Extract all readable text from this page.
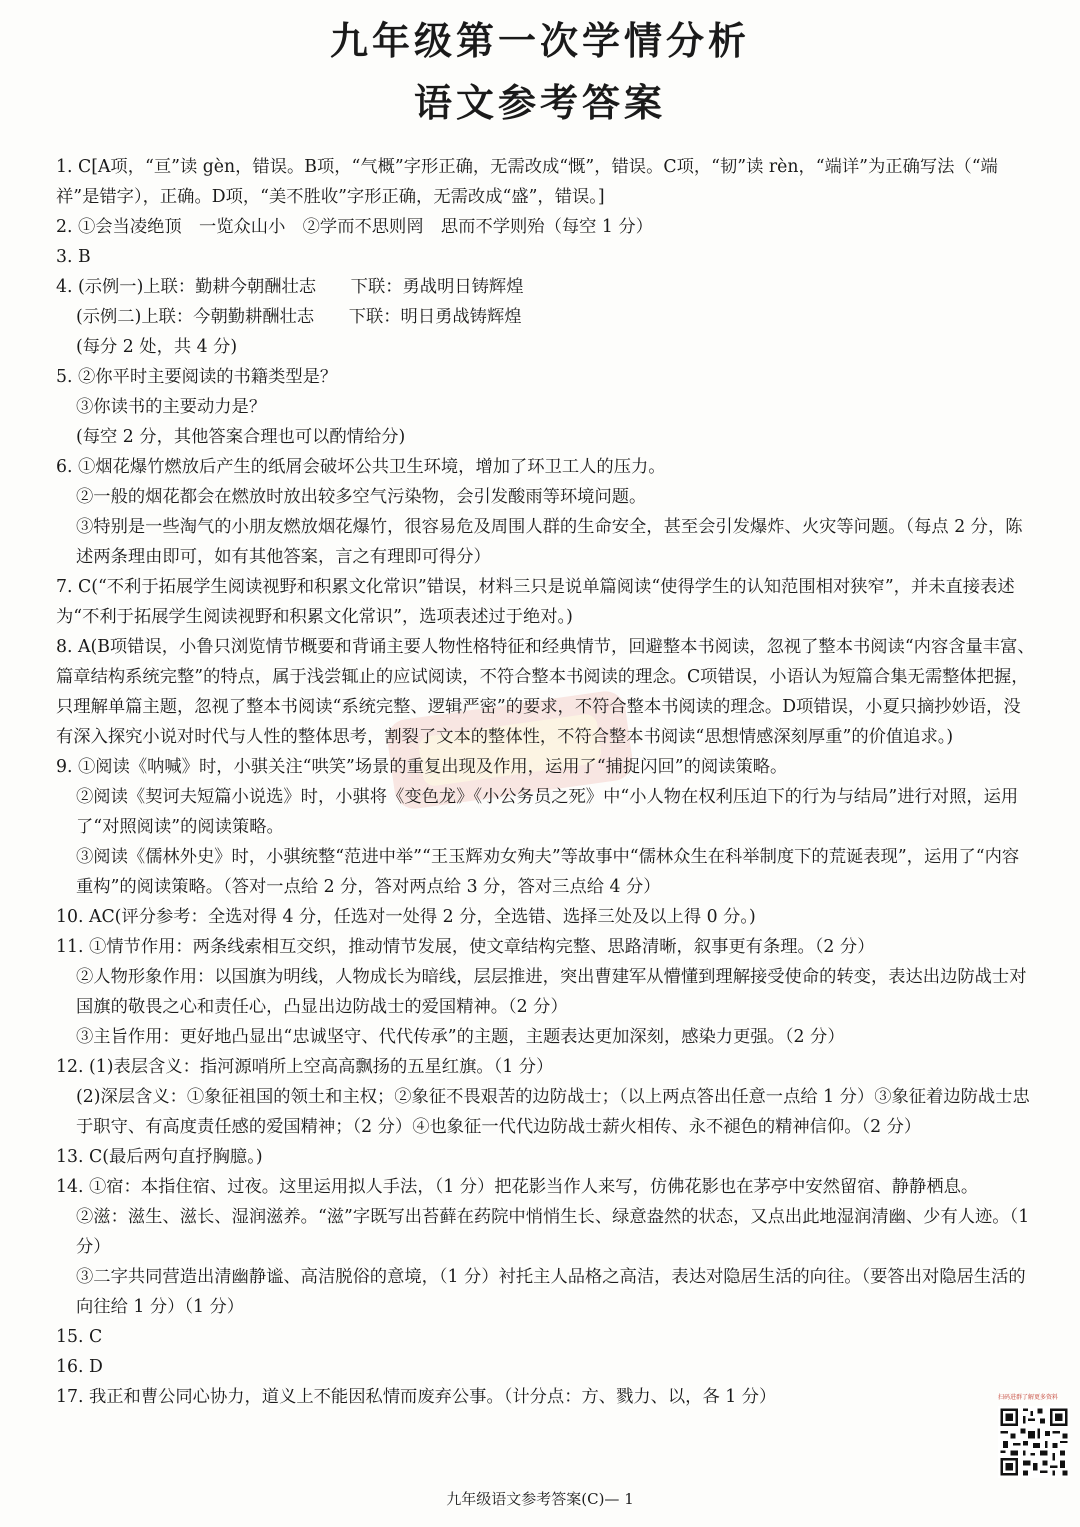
九年级第一次学情分析
语文参考答案

1. C[A项，“亘”读 gèn，错误。B项，“气概”字形正确，无需改成“慨”，错误。C项，“韧”读 rèn，“端详”为正确写法（“端祥”是错字），正确。D项，“美不胜收”字形正确，无需改成“盛”，错误。]

2. ①会当凌绝顶　一览众山小　②学而不思则罔　思而不学则殆（每空 1 分）

3. B

4. (示例一)上联：勤耕今朝酬壮志　　下联：勇战明日铸辉煌

(示例二)上联：今朝勤耕酬壮志　　下联：明日勇战铸辉煌

(每分 2 处，共 4 分)

5. ②你平时主要阅读的书籍类型是？

③你读书的主要动力是？

(每空 2 分，其他答案合理也可以酌情给分)

6. ①烟花爆竹燃放后产生的纸屑会破坏公共卫生环境，增加了环卫工人的压力。

②一般的烟花都会在燃放时放出较多空气污染物，会引发酸雨等环境问题。

③特别是一些淘气的小朋友燃放烟花爆竹，很容易危及周围人群的生命安全，甚至会引发爆炸、火灾等问题。（每点 2 分，陈述两条理由即可，如有其他答案，言之有理即可得分）

7. C(“不利于拓展学生阅读视野和积累文化常识”错误，材料三只是说单篇阅读“使得学生的认知范围相对狭窄”，并未直接表述为“不利于拓展学生阅读视野和积累文化常识”，选项表述过于绝对。)

8. A(B项错误，小鲁只浏览情节概要和背诵主要人物性格特征和经典情节，回避整本书阅读，忽视了整本书阅读“内容含量丰富、篇章结构系统完整”的特点，属于浅尝辄止的应试阅读，不符合整本书阅读的理念。C项错误，小语认为短篇合集无需整体把握，只理解单篇主题，忽视了整本书阅读“系统完整、逻辑严密”的要求，不符合整本书阅读的理念。D项错误，小夏只摘抄妙语，没有深入探究小说对时代与人性的整体思考，割裂了文本的整体性，不符合整本书阅读“思想情感深刻厚重”的价值追求。)

9. ①阅读《呐喊》时，小骐关注“哄笑”场景的重复出现及作用，运用了“捕捉闪回”的阅读策略。

②阅读《契诃夫短篇小说选》时，小骐将《变色龙》《小公务员之死》中“小人物在权利压迫下的行为与结局”进行对照，运用了“对照阅读”的阅读策略。

③阅读《儒林外史》时，小骐统整“范进中举”“王玉辉劝女殉夫”等故事中“儒林众生在科举制度下的荒诞表现”，运用了“内容重构”的阅读策略。（答对一点给 2 分，答对两点给 3 分，答对三点给 4 分）

10. AC(评分参考：全选对得 4 分，任选对一处得 2 分，全选错、选择三处及以上得 0 分。)

11. ①情节作用：两条线索相互交织，推动情节发展，使文章结构完整、思路清晰，叙事更有条理。（2 分）

②人物形象作用：以国旗为明线，人物成长为暗线，层层推进，突出曹建军从懵懂到理解接受使命的转变，表达出边防战士对国旗的敬畏之心和责任心，凸显出边防战士的爱国精神。（2 分）

③主旨作用：更好地凸显出“忠诚坚守、代代传承”的主题，主题表达更加深刻，感染力更强。（2 分）

12. (1)表层含义：指河源哨所上空高高飘扬的五星红旗。（1 分）

(2)深层含义：①象征祖国的领土和主权；②象征不畏艰苦的边防战士；（以上两点答出任意一点给 1 分）③象征着边防战士忠于职守、有高度责任感的爱国精神；（2 分）④也象征一代代边防战士薪火相传、永不褪色的精神信仰。（2 分）

13. C(最后两句直抒胸臆。)

14. ①宿：本指住宿、过夜。这里运用拟人手法，（1 分）把花影当作人来写，仿佛花影也在茅亭中安然留宿、静静栖息。

②滋：滋生、滋长、湿润滋养。“滋”字既写出苔藓在药院中悄悄生长、绿意盎然的状态，又点出此地湿润清幽、少有人迹。（1 分）

③二字共同营造出清幽静谧、高洁脱俗的意境，（1 分）衬托主人品格之高洁，表达对隐居生活的向往。（要答出对隐居生活的向往给 1 分）（1 分）

15. C

16. D

17. 我正和曹公同心协力，道义上不能因私情而废弃公事。（计分点：方、戮力、以，各 1 分）	扫码进群了解更多资料
九年级语文参考答案(C)— 1
